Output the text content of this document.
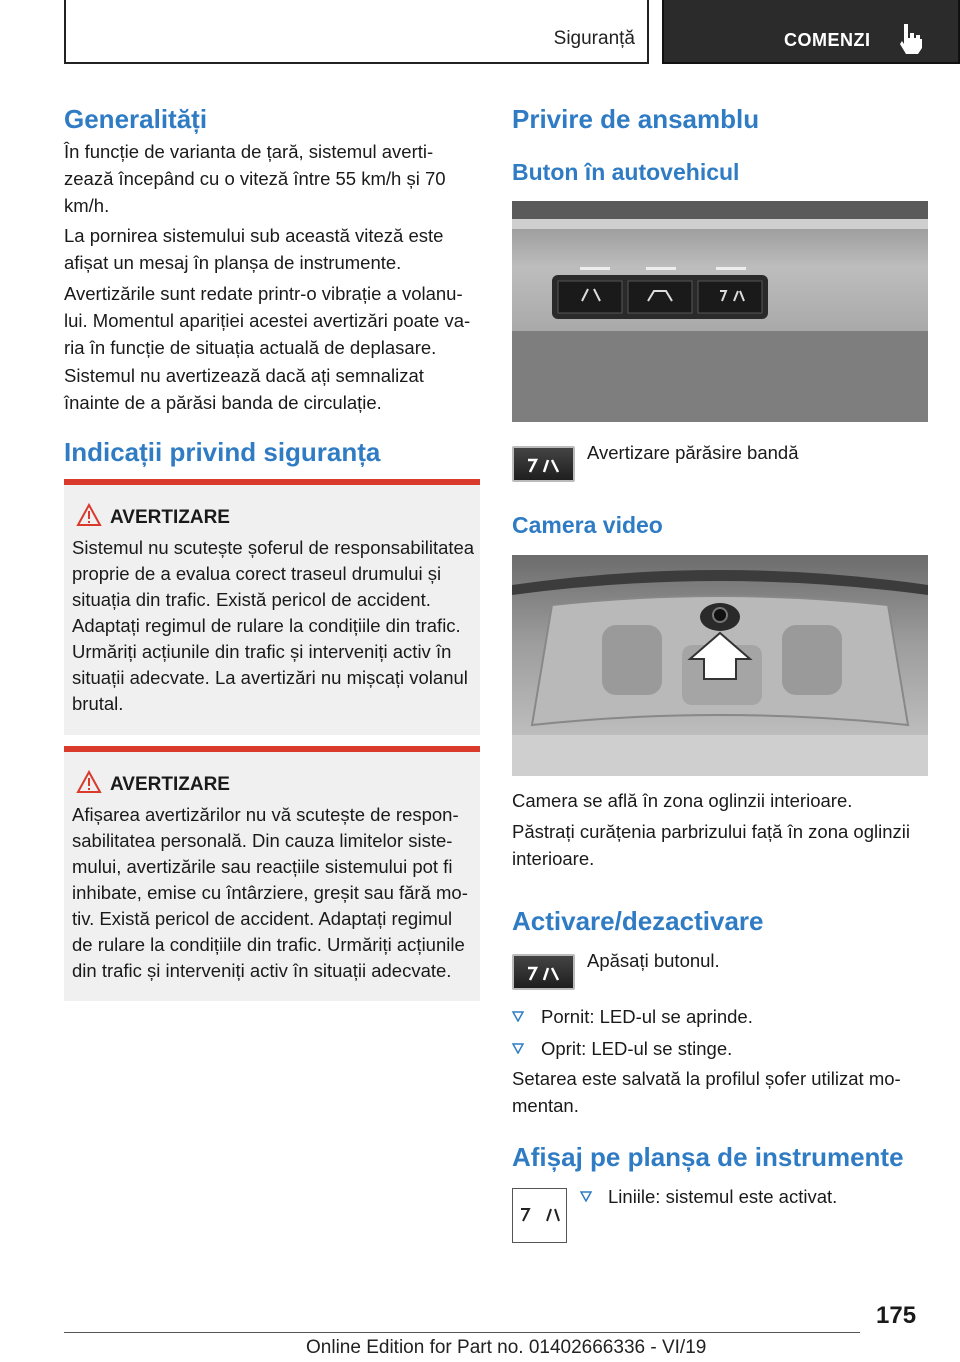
Siguranță	COMENZI
Generalități
În funcție de varianta de țară, sistemul avertizează începând cu o viteză între 55 km/h și 70 km/h.
La pornirea sistemului sub această viteză este afișat un mesaj în planșa de instrumente.
Avertizările sunt redate printr-o vibrație a volanului. Momentul apariției acestei avertizări poate varia în funcție de situația actuală de deplasare.
Sistemul nu avertizează dacă ați semnalizat înainte de a părăsi banda de circulație.
Indicații privind siguranța
AVERTIZARE
Sistemul nu scutește șoferul de responsabilitatea proprie de a evalua corect traseul drumului și situația din trafic. Există pericol de accident. Adaptați regimul de rulare la condițiile din trafic. Urmăriți acțiunile din trafic și interveniți activ în situații adecvate. La avertizări nu mișcați volanul brutal.
AVERTIZARE
Afișarea avertizărilor nu vă scutește de responsabilitatea personală. Din cauza limitelor sistemului, avertizările sau reacțiile sistemului pot fi inhibate, emise cu întârziere, greșit sau fără motiv. Există pericol de accident. Adaptați regimul de rulare la condițiile din trafic. Urmăriți acțiunile din trafic și interveniți activ în situații adecvate.
Privire de ansamblu
Buton în autovehicul
Avertizare părăsire bandă
Camera video
Camera se află în zona oglinzii interioare.
Păstrați curățenia parbrizului față în zona oglinzii interioare.
Activare/dezactivare
Apăsați butonul.
Pornit: LED-ul se aprinde.
Oprit: LED-ul se stinge.
Setarea este salvată la profilul șofer utilizat momentan.
Afișaj pe planșa de instrumente
Liniile: sistemul este activat.
175
Online Edition for Part no. 01402666336 - VI/19
